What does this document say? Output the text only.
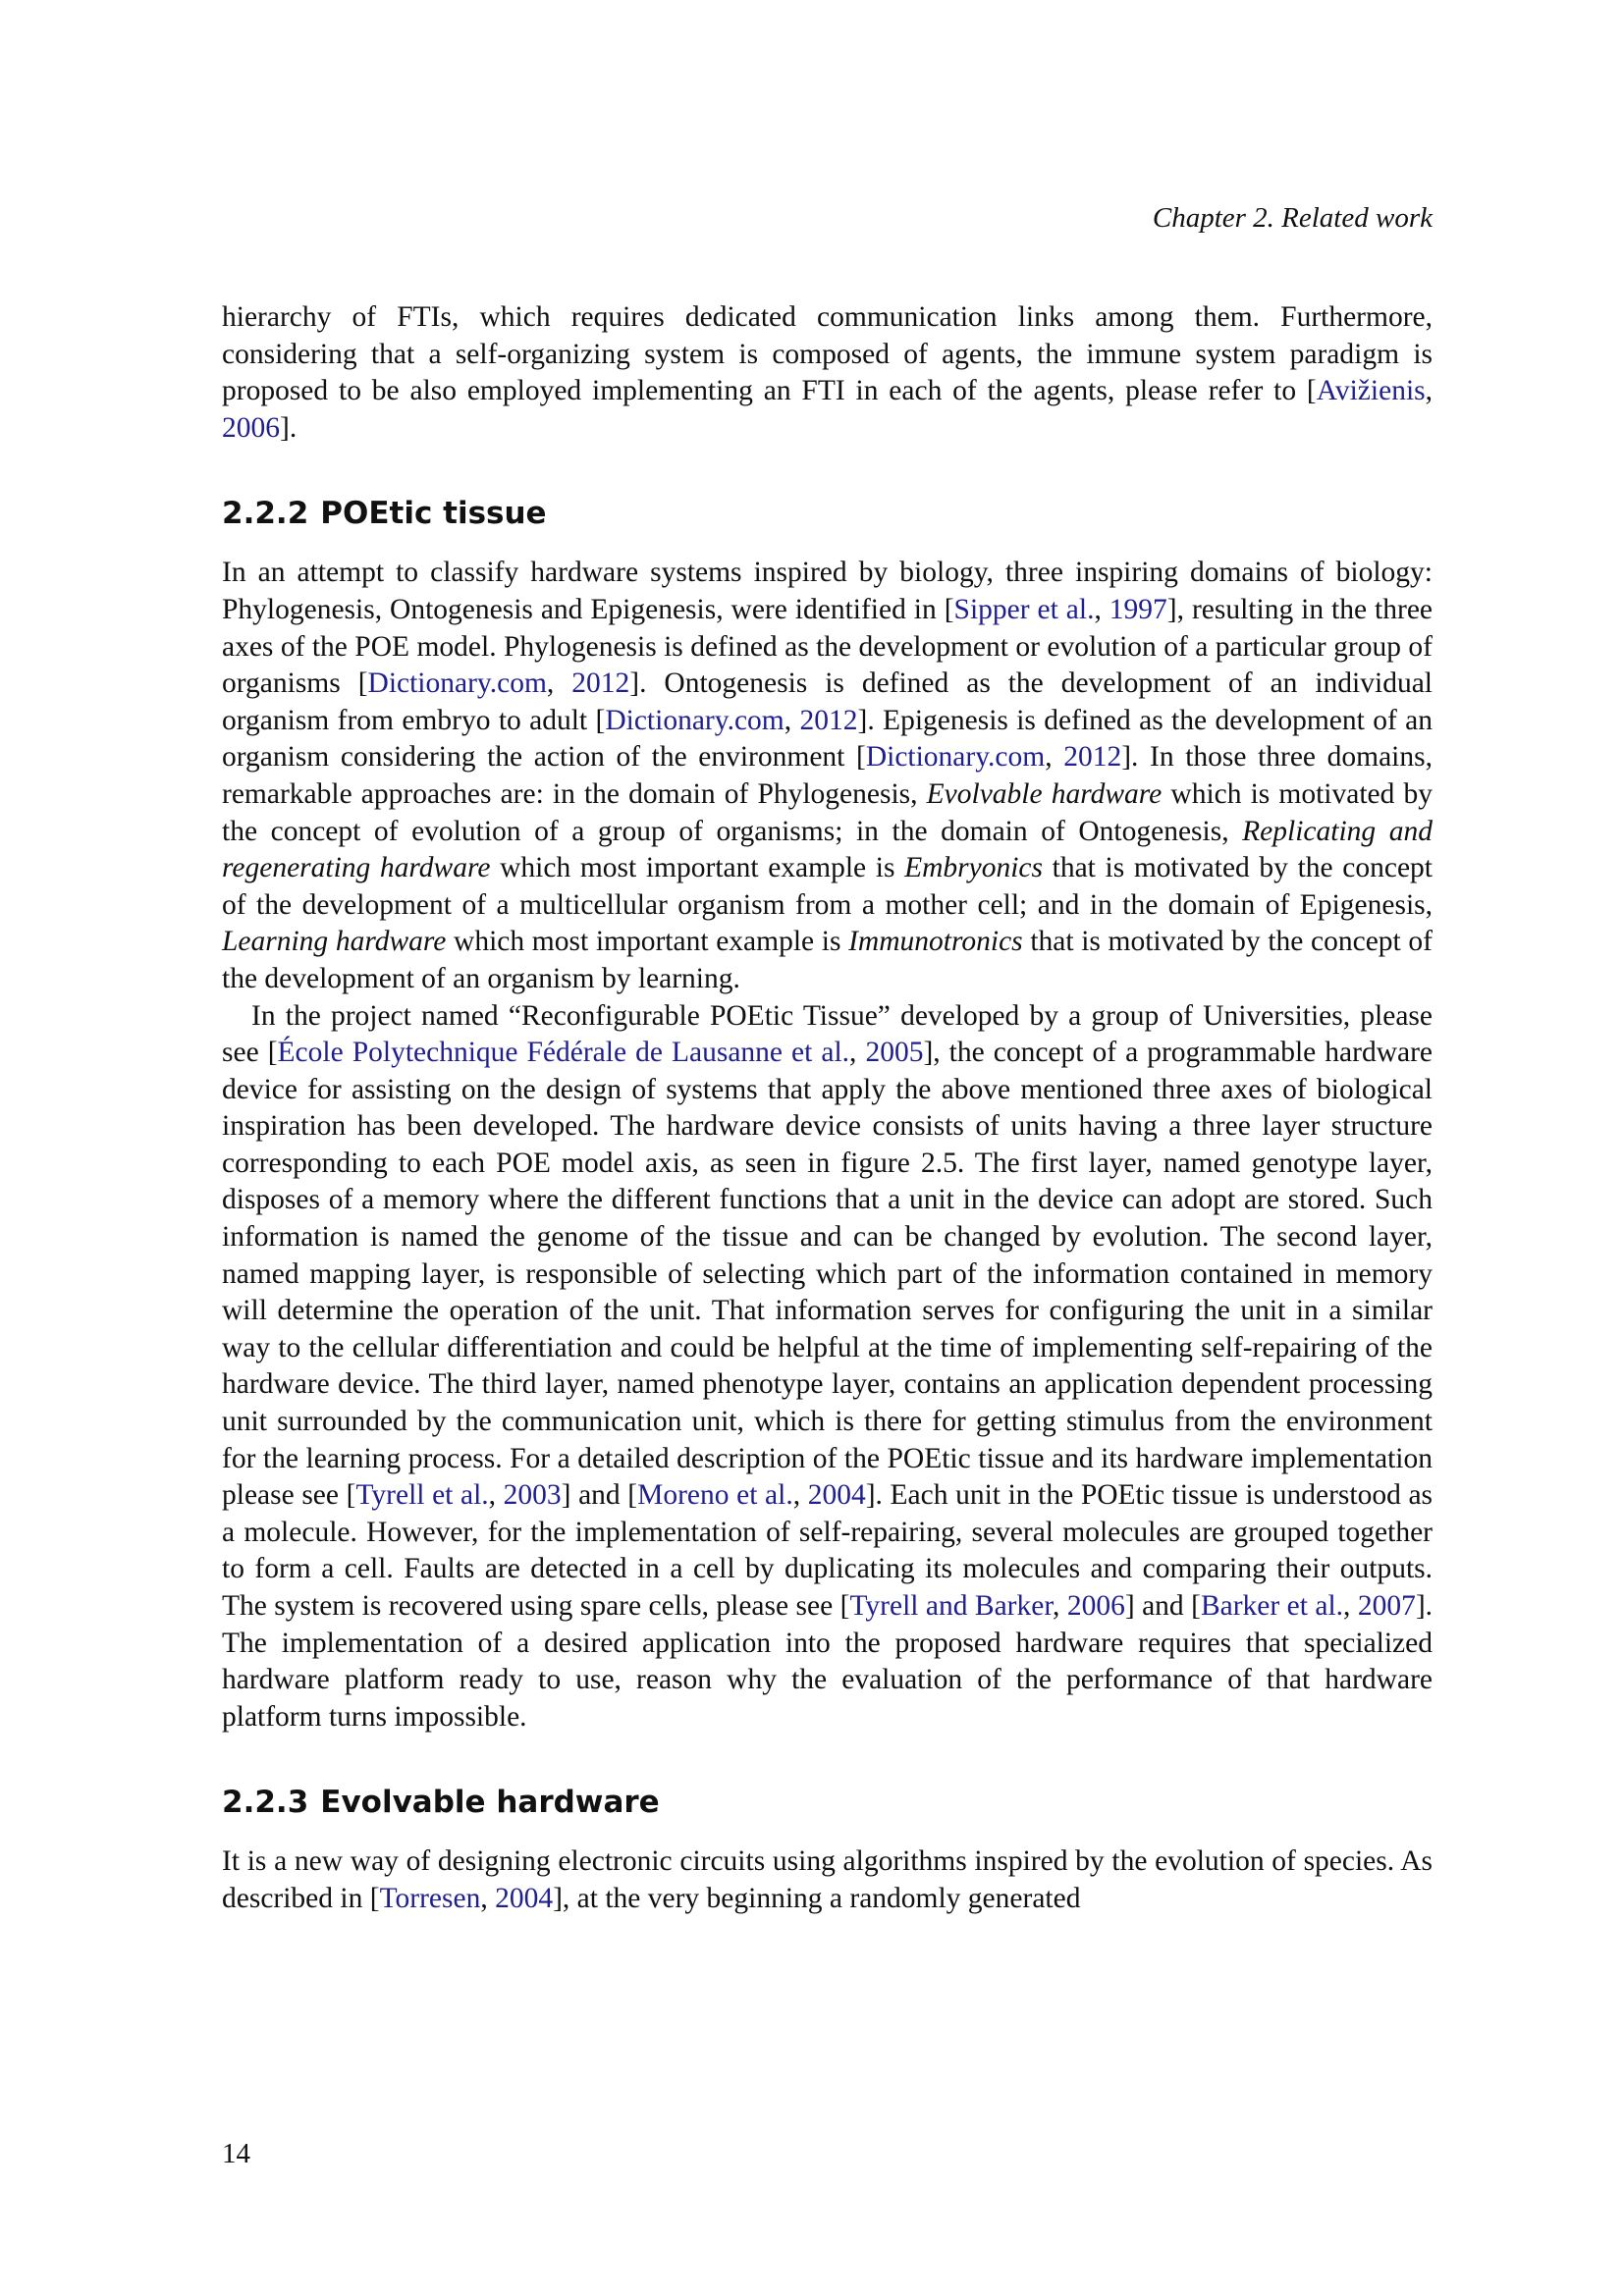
Chapter 2. Related work

hierarchy of FTIs, which requires dedicated communication links among them. Furthermore, considering that a self-organizing system is composed of agents, the immune system paradigm is proposed to be also employed implementing an FTI in each of the agents, please refer to [Avižienis, 2006].

2.2.2 POEtic tissue

In an attempt to classify hardware systems inspired by biology, three inspiring domains of biology: Phylogenesis, Ontogenesis and Epigenesis, were identified in [Sipper et al., 1997], resulting in the three axes of the POE model. Phylogenesis is defined as the development or evolution of a particular group of organisms [Dictionary.com, 2012]. Ontogenesis is defined as the development of an individual organism from embryo to adult [Dictionary.com, 2012]. Epigenesis is defined as the development of an organism considering the action of the environment [Dictionary.com, 2012]. In those three domains, remarkable approaches are: in the domain of Phylogenesis, Evolvable hardware which is motivated by the concept of evolution of a group of organisms; in the domain of Ontogenesis, Replicating and regenerating hardware which most important example is Embryonics that is motivated by the concept of the development of a multicellular organism from a mother cell; and in the domain of Epigenesis, Learning hardware which most important example is Immunotronics that is motivated by the concept of the development of an organism by learning.

In the project named “Reconfigurable POEtic Tissue” developed by a group of Universities, please see [École Polytechnique Fédérale de Lausanne et al., 2005], the concept of a programmable hardware device for assisting on the design of systems that apply the above mentioned three axes of biological inspiration has been developed. The hardware device consists of units having a three layer structure corresponding to each POE model axis, as seen in figure 2.5. The first layer, named genotype layer, disposes of a memory where the different functions that a unit in the device can adopt are stored. Such information is named the genome of the tissue and can be changed by evolution. The second layer, named mapping layer, is responsible of selecting which part of the information contained in memory will determine the operation of the unit. That information serves for configuring the unit in a similar way to the cellular differentiation and could be helpful at the time of implementing self-repairing of the hardware device. The third layer, named phenotype layer, contains an application dependent processing unit surrounded by the communication unit, which is there for getting stimulus from the environment for the learning process. For a detailed description of the POEtic tissue and its hardware implementation please see [Tyrell et al., 2003] and [Moreno et al., 2004]. Each unit in the POEtic tissue is understood as a molecule. However, for the implementation of self-repairing, several molecules are grouped together to form a cell. Faults are detected in a cell by duplicating its molecules and comparing their outputs. The system is recovered using spare cells, please see [Tyrell and Barker, 2006] and [Barker et al., 2007]. The implementation of a desired application into the proposed hardware requires that specialized hardware platform ready to use, reason why the evaluation of the performance of that hardware platform turns impossible.

2.2.3 Evolvable hardware

It is a new way of designing electronic circuits using algorithms inspired by the evolution of species. As described in [Torresen, 2004], at the very beginning a randomly generated

14
